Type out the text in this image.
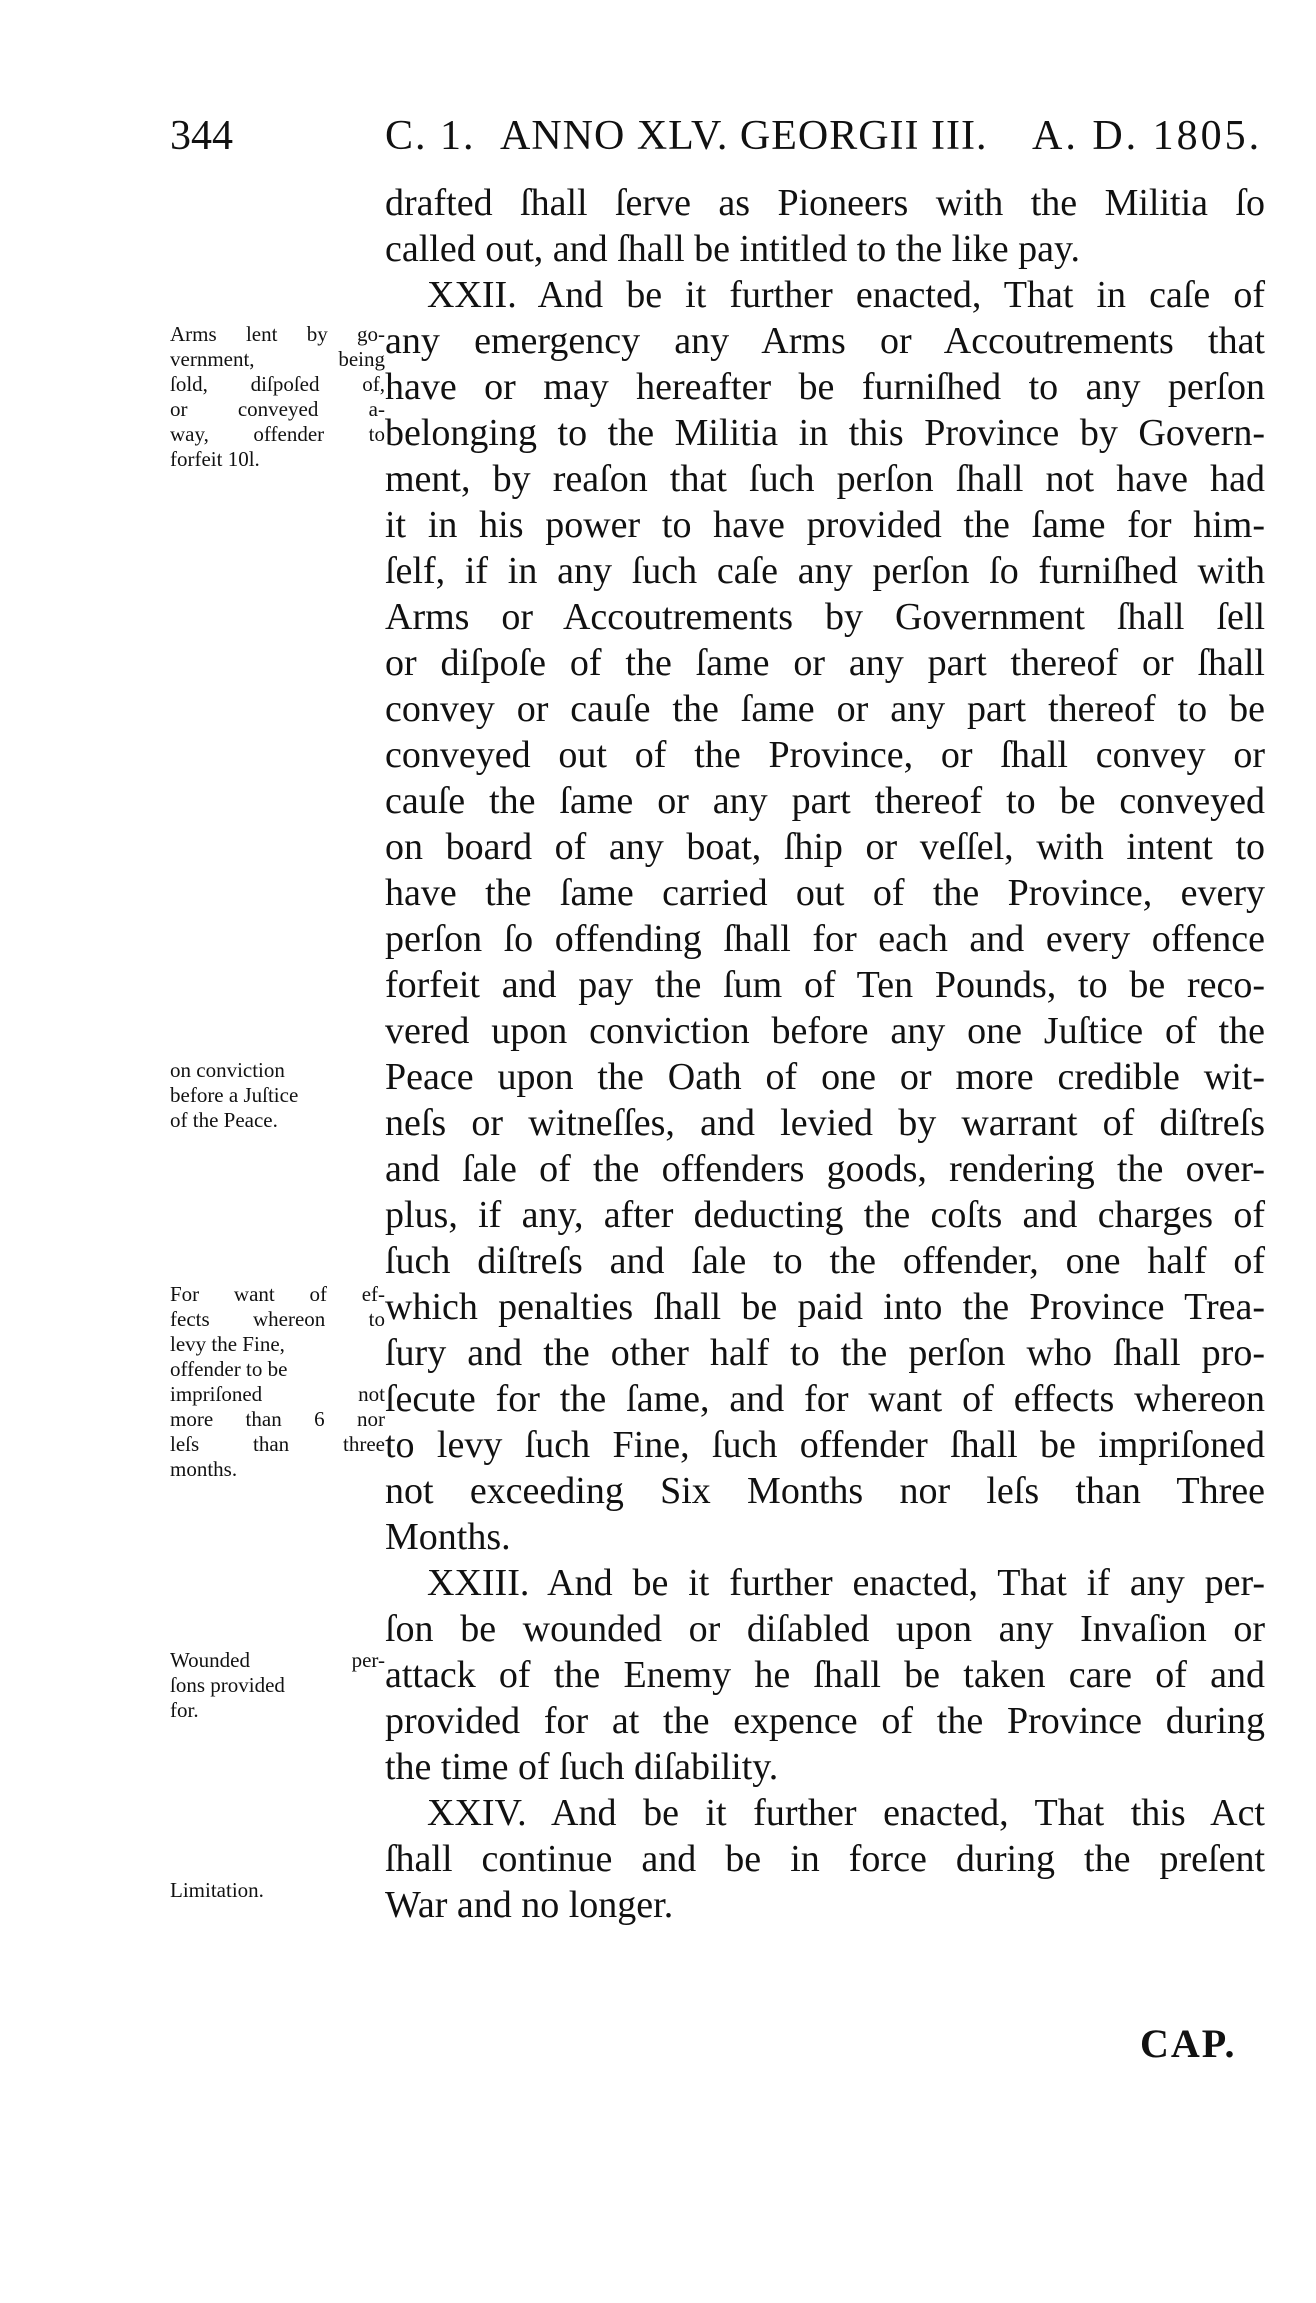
344	C. 1. ANNO XLV. GEORGII III. A. D. 1805.
drafted ſhall ſerve as Pioneers with the Militia ſo
called out, and ſhall be intitled to the like pay.
XXII. And be it further enacted, That in caſe of
any emergency any Arms or Accoutrements that
have or may hereafter be furniſhed to any perſon
belonging to the Militia in this Province by Govern-
ment, by reaſon that ſuch perſon ſhall not have had
it in his power to have provided the ſame for him-
ſelf, if in any ſuch caſe any perſon ſo furniſhed with
Arms or Accoutrements by Government ſhall ſell
or diſpoſe of the ſame or any part thereof or ſhall
convey or cauſe the ſame or any part thereof to be
conveyed out of the Province, or ſhall convey or
cauſe the ſame or any part thereof to be conveyed
on board of any boat, ſhip or veſſel, with intent to
have the ſame carried out of the Province, every
perſon ſo offending ſhall for each and every offence
forfeit and pay the ſum of Ten Pounds, to be reco-
vered upon conviction before any one Juſtice of the
Peace upon the Oath of one or more credible wit-
neſs or witneſſes, and levied by warrant of diſtreſs
and ſale of the offenders goods, rendering the over-
plus, if any, after deducting the coſts and charges of
ſuch diſtreſs and ſale to the offender, one half of
which penalties ſhall be paid into the Province Trea-
ſury and the other half to the perſon who ſhall pro-
ſecute for the ſame, and for want of effects whereon
to levy ſuch Fine, ſuch offender ſhall be impriſoned
not exceeding Six Months nor leſs than Three
Months.
XXIII. And be it further enacted, That if any per-
ſon be wounded or diſabled upon any Invaſion or
attack of the Enemy he ſhall be taken care of and
provided for at the expence of the Province during
the time of ſuch diſability.
XXIV. And be it further enacted, That this Act
ſhall continue and be in force during the preſent
War and no longer.
Arms lent by go-
vernment, being
ſold, diſpoſed of,
or conveyed a-
way, offender to
forfeit 10l.
on conviction
before a Juſtice
of the Peace.
For want of ef-
fects whereon to
levy the Fine,
offender to be
impriſoned not
more than 6 nor
leſs than three
months.
Wounded per-
ſons provided
for.
Limitation.
CAP.
